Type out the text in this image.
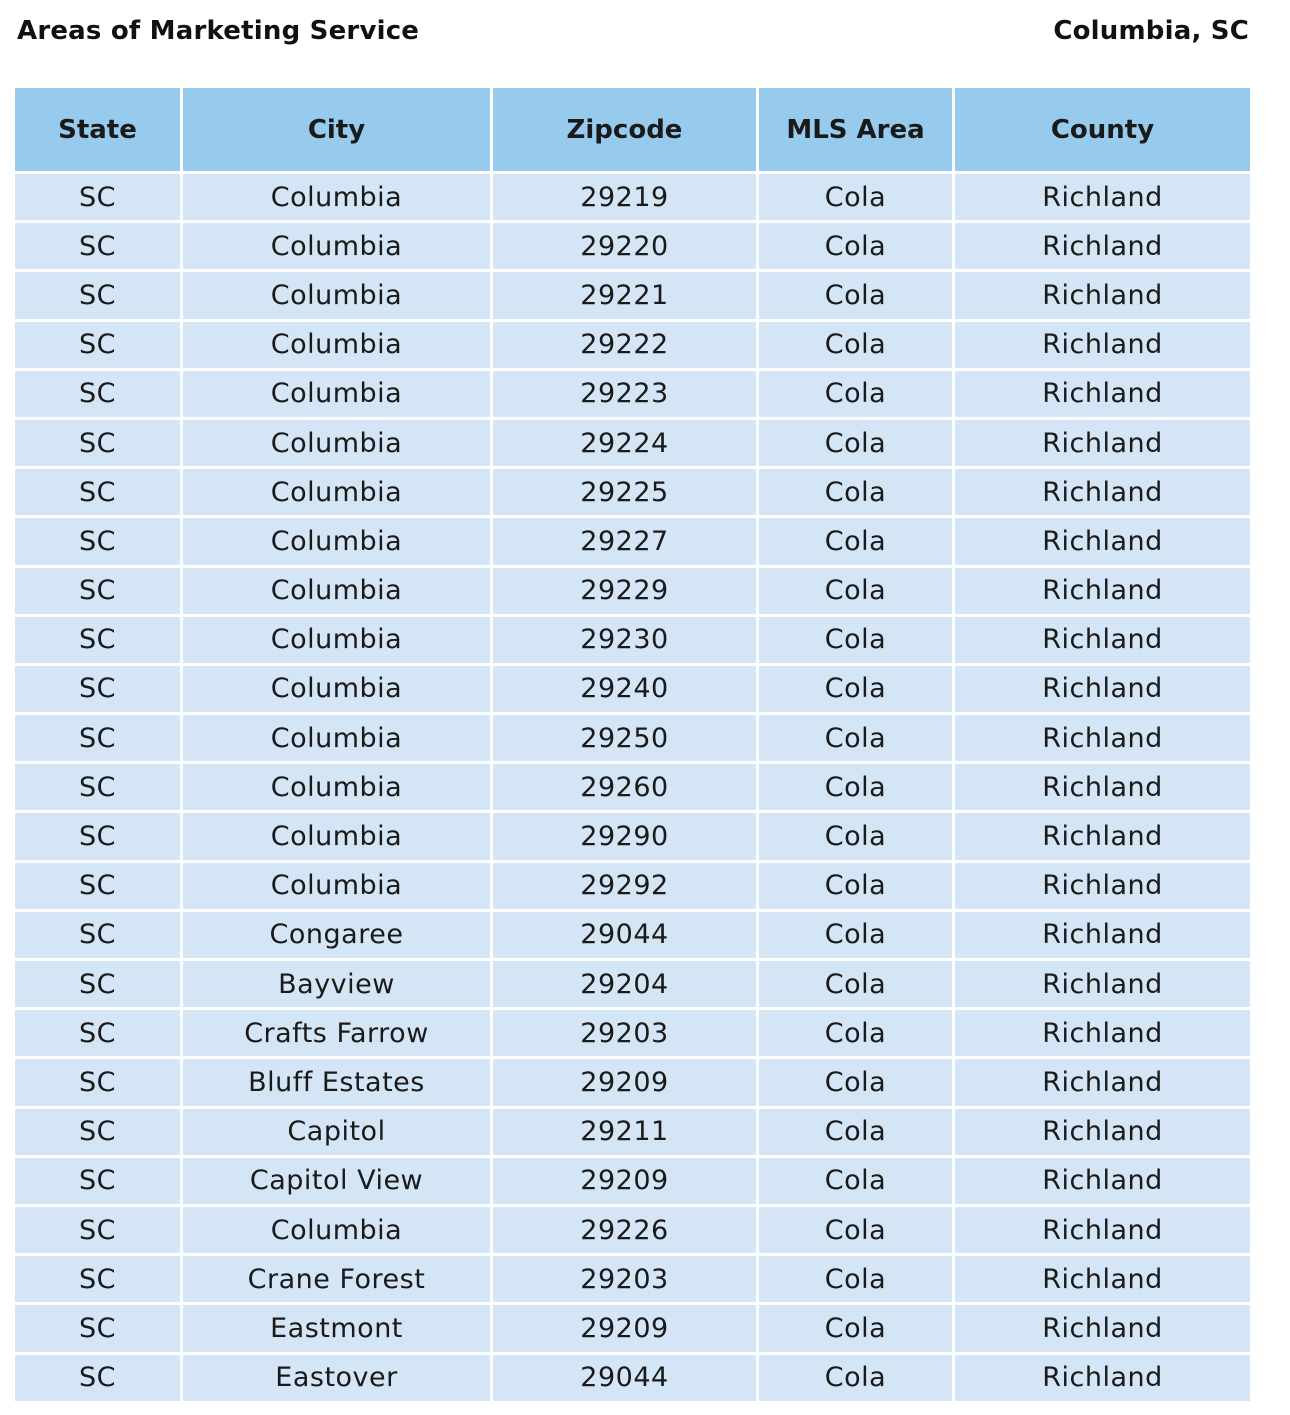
Areas of Marketing Service	Columbia, SC
State	City	Zipcode	MLS Area	County
SC	Columbia	29219	Cola	Richland
SC	Columbia	29220	Cola	Richland
SC	Columbia	29221	Cola	Richland
SC	Columbia	29222	Cola	Richland
SC	Columbia	29223	Cola	Richland
SC	Columbia	29224	Cola	Richland
SC	Columbia	29225	Cola	Richland
SC	Columbia	29227	Cola	Richland
SC	Columbia	29229	Cola	Richland
SC	Columbia	29230	Cola	Richland
SC	Columbia	29240	Cola	Richland
SC	Columbia	29250	Cola	Richland
SC	Columbia	29260	Cola	Richland
SC	Columbia	29290	Cola	Richland
SC	Columbia	29292	Cola	Richland
SC	Congaree	29044	Cola	Richland
SC	Bayview	29204	Cola	Richland
SC	Crafts Farrow	29203	Cola	Richland
SC	Bluff Estates	29209	Cola	Richland
SC	Capitol	29211	Cola	Richland
SC	Capitol View	29209	Cola	Richland
SC	Columbia	29226	Cola	Richland
SC	Crane Forest	29203	Cola	Richland
SC	Eastmont	29209	Cola	Richland
SC	Eastover	29044	Cola	Richland
